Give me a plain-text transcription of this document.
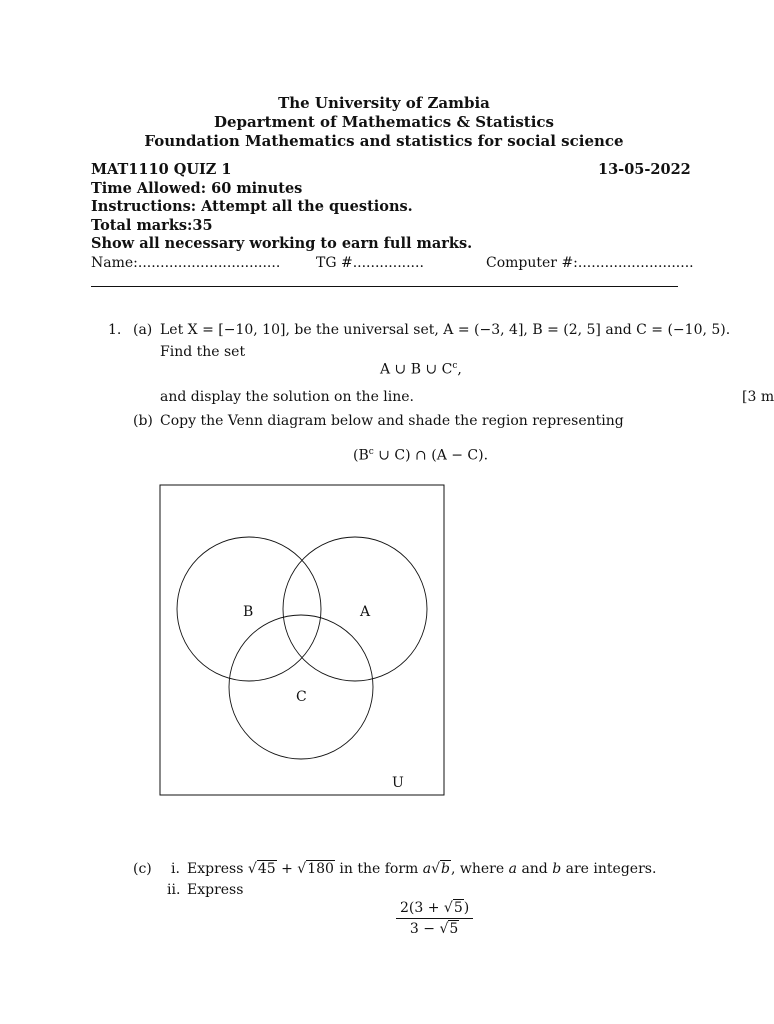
The University of Zambia
Department of Mathematics & Statistics
Foundation Mathematics and statistics for social science
MAT1110 QUIZ 1	13-05-2022
Time Allowed: 60 minutes
Instructions: Attempt all the questions.
Total marks:35
Show all necessary working to earn full marks.
Name:................................	TG #................	Computer #:..........................
1. (a) Let X = [−10, 10], be the universal set, A = (−3, 4], B = (2, 5] and C = (−10, 5).
Find the set
A ∪ B ∪ $C^c$,
and display the solution on the line.	[3 m
(b) Copy the Venn diagram below and shade the region representing
($B^c$ ∪ C) ∩ (A − C).
B	A
C
U
(c) i. Express √45 + √180 in the form a√b, where a and b are integers.
ii. Express
$\frac{2(3 + √5)}{3 - √5}$
